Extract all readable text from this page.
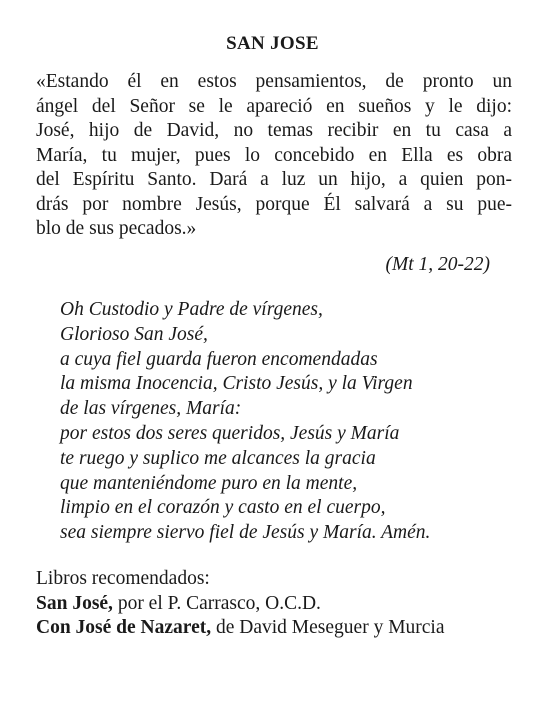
SAN JOSE
«Estando él en estos pensamientos, de pronto un
ángel del Señor se le apareció en sueños y le dijo:
José, hijo de David, no temas recibir en tu casa a
María, tu mujer, pues lo concebido en Ella es obra
del Espíritu Santo. Dará a luz un hijo, a quien pon-
drás por nombre Jesús, porque Él salvará a su pue-
blo de sus pecados.»
(Mt 1, 20-22)
Oh Custodio y Padre de vírgenes,
Glorioso San José,
a cuya fiel guarda fueron encomendadas
la misma Inocencia, Cristo Jesús, y la Virgen
de las vírgenes, María:
por estos dos seres queridos, Jesús y María
te ruego y suplico me alcances la gracia
que manteniéndome puro en la mente,
limpio en el corazón y casto en el cuerpo,
sea siempre siervo fiel de Jesús y María. Amén.
Libros recomendados:
San José, por el P. Carrasco, O.C.D.
Con José de Nazaret, de David Meseguer y Murcia
